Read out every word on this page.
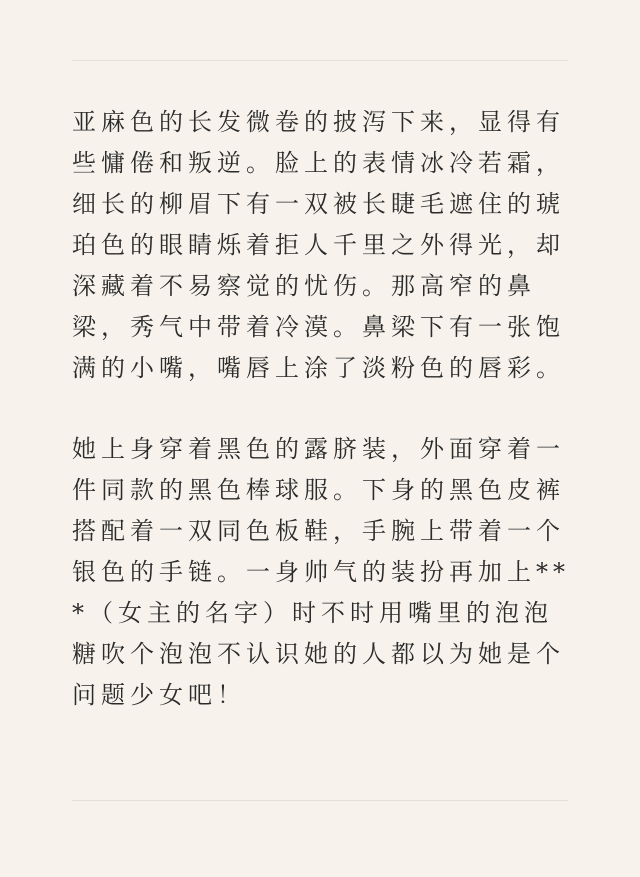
亚麻色的长发微卷的披泻下来，显得有些慵倦和叛逆。脸上的表情冰冷若霜，细长的柳眉下有一双被长睫毛遮住的琥珀色的眼睛烁着拒人千里之外得光，却深藏着不易察觉的忧伤。那高窄的鼻梁，秀气中带着冷漠。鼻梁下有一张饱满的小嘴，嘴唇上涂了淡粉色的唇彩。

她上身穿着黑色的露脐装，外面穿着一件同款的黑色棒球服。下身的黑色皮裤搭配着一双同色板鞋，手腕上带着一个银色的手链。一身帅气的装扮再加上***（女主的名字）时不时用嘴里的泡泡糖吹个泡泡不认识她的人都以为她是个问题少女吧！
